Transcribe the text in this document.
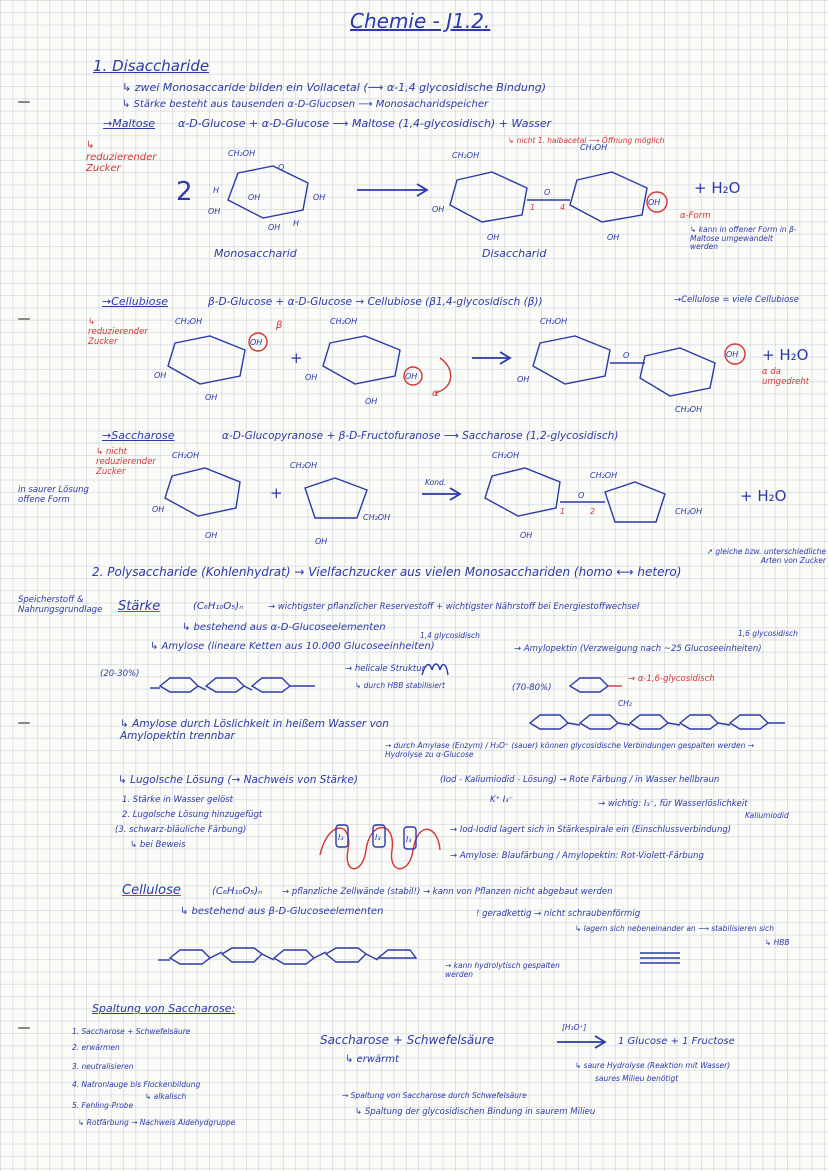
Chemie - J1.2.
1. Disaccharide
↳ zwei Monosaccaride bilden ein Vollacetal (⟶ α-1,4 glycosidische Bindung)
↳ Stärke besteht aus tausenden α-D-Glucosen ⟶ Monosacharidspeicher
→Maltose α-D-Glucose + α-D-Glucose ⟶ Maltose (1,4-glycosidisch) + Wasser
↳ reduzierender Zucker
↳ nicht 1. halbacetal ⟶ Öffnung möglich
2
CH₂OH
O
H
OH
OH
OH
OH H
Monosaccharid
CH₂OH
CH₂OH
O
1	4
OH
OH	OH
OH
+ H₂O
α-Form
↳ kann in offener Form in β-Maltose umgewandelt werden
Disaccharid
→Cellubiose	β-D-Glucose + α-D-Glucose → Cellubiose (β1,4-glycosidisch (β))	→Cellulose = viele Cellubiose
↳ reduzierender Zucker
β
CH₂OH
OH
OH
OH
+
CH₂OH
OH
OH
OH
α
CH₂OH
CH₂OH
O	OH
OH
+ H₂O
α da umgedreht
→Saccharose	α-D-Glucopyranose + β-D-Fructofuranose ⟶ Saccharose (1,2-glycosidisch)
↳ nicht reduzierender Zucker
in saurer Lösung offene Form
CH₂OH
OH
OH
+
CH₂OH
CH₂OH
OH
Kond.
CH₂OH
CH₂OH
O
1	2	CH₂OH
OH
+ H₂O
↗ gleiche bzw. unterschiedliche Arten von Zucker
2. Polysaccharide (Kohlenhydrat) → Vielfachzucker aus vielen Monosacchariden (homo ⟷ hetero)
Speicherstoff & Nahrungsgrundlage Stärke	(C₆H₁₀O₅)ₙ	→ wichtigster pflanzlicher Reservestoff + wichtigster Nährstoff bei Energiestoffwechsel
↳ bestehend aus α-D-Glucoseelementen
1,4 glycosidisch
↳ Amylose (lineare Ketten aus 10.000 Glucoseeinheiten)
1,6 glycosidisch
→ Amylopektin (Verzweigung nach ~25 Glucoseeinheiten)
(20-30%)	→ helicale Struktur
↳ durch HBB stabilisiert	(70-80%)
→ α-1,6-glycosidisch
CH₂
↳ Amylose durch Löslichkeit in heißem Wasser von Amylopektin trennbar
→ durch Amylase (Enzym) / H₃O⁺ (sauer) können glycosidische Verbindungen gespalten werden → Hydrolyse zu α-Glucose
↳ Lugolsche Lösung (→ Nachweis von Stärke)	(Iod - Kaliumiodid - Lösung) → Rote Färbung / in Wasser hellbraun
K⁺ I₃⁻	→ wichtig: I₃⁻, für Wasserlöslichkeit
Kaliumiodid
1. Stärke in Wasser gelöst
2. Lugolsche Lösung hinzugefügt
(3. schwarz-bläuliche Färbung)
↳ bei Beweis
I₃	I₃	I₃
→ Iod-Iodid lagert sich in Stärkespirale ein (Einschlussverbindung)
→ Amylose: Blaufärbung / Amylopektin: Rot-Violett-Färbung
Cellulose	(C₆H₁₀O₅)ₙ → pflanzliche Zellwände (stabil!) → kann von Pflanzen nicht abgebaut werden
↳ bestehend aus β-D-Glucoseelementen	! geradkettig → nicht schraubenförmig
↳ lagern sich nebeneinander an ⟶ stabilisieren sich
↳ HBB
→ kann hydrolytisch gespalten werden
Spaltung von Saccharose:
1. Saccharose + Schwefelsäure
2. erwärmen
3. neutralisieren
4. Natronlauge bis Flockenbildung
↳ alkalisch
5. Fehling-Probe
↳ Rotfärbung → Nachweis Aldehydgruppe
Saccharose + Schwefelsäure
[H₃O⁺]
1 Glucose + 1 Fructose
↳ erwärmt
↳ saure Hydrolyse (Reaktion mit Wasser)
saures Milieu benötigt
→ Spaltung von Saccharose durch Schwefelsäure
↳ Spaltung der glycosidischen Bindung in saurem Milieu
